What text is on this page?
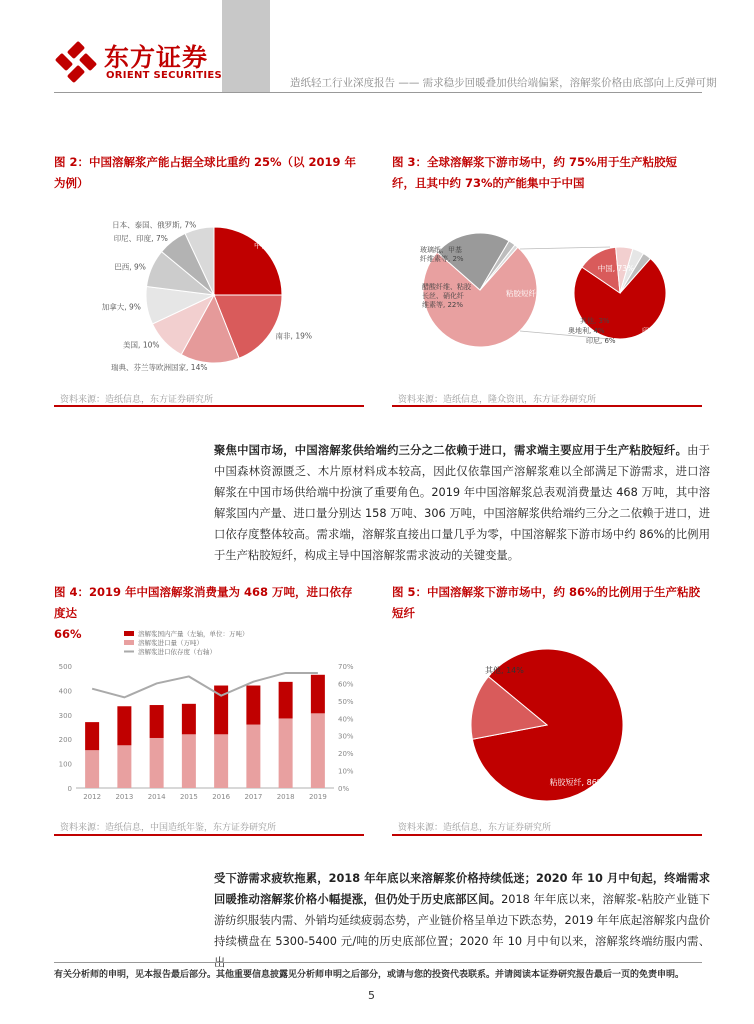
东方证券
ORIENT SECURITIES
造纸轻工行业深度报告 —— 需求稳步回暖叠加供给端偏紧，溶解浆价格由底部向上反弹可期
图 2：中国溶解浆产能占据全球比重约 25%（以 2019 年
为例）
中国, 25%
南非, 19%
瑞典、芬兰等欧洲国家, 14%
美国, 10%
加拿大, 9%
巴西, 9%
印尼、印度, 7%
日本、泰国、俄罗斯, 7%
资料来源：造纸信息，东方证券研究所
图 3：全球溶解浆下游市场中，约 75%用于生产粘胶短
纤，且其中约 73%的产能集中于中国
粘胶短纤, 75%
玻璃纸、甲基
纤维素等, 2%
醋酸纤维、粘胶
长丝、硝化纤
维素等, 22%
中国, 73%
其他, 3%
奥地利, 4%
印尼, 6%
印度, 14%
资料来源：造纸信息，隆众资讯，东方证券研究所
聚焦中国市场，中国溶解浆供给端约三分之二依赖于进口，需求端主要应用于生产粘胶短纤。由于中国森林资源匮乏、木片原材料成本较高，因此仅依靠国产溶解浆难以全部满足下游需求，进口溶解浆在中国市场供给端中扮演了重要角色。2019 年中国溶解浆总表观消费量达 468 万吨，其中溶解浆国内产量、进口量分别达 158 万吨、306 万吨，中国溶解浆供给端约三分之二依赖于进口，进口依存度整体较高。需求端，溶解浆直接出口量几乎为零，中国溶解浆下游市场中约 86%的比例用于生产粘胶短纤，构成主导中国溶解浆需求波动的关键变量。
图 4：2019 年中国溶解浆消费量为 468 万吨，进口依存度达
66%	溶解浆国内产量（左轴，单位：万吨）
溶解浆进口量（万吨）
溶解浆进口依存度（右轴）
0
100
200
300
400
500
0%
10%
20%
30%
40%
50%
60%
70%
2012 2013 2014 2015 2016 2017 2018 2019
资料来源：造纸信息，中国造纸年鉴，东方证券研究所
图 5：中国溶解浆下游市场中，约 86%的比例用于生产粘胶
短纤
粘胶短纤, 86%
其他, 14%
资料来源：造纸信息，东方证券研究所
受下游需求疲软拖累，2018 年年底以来溶解浆价格持续低迷；2020 年 10 月中旬起，终端需求回暖推动溶解浆价格小幅提涨，但仍处于历史底部区间。2018 年年底以来，溶解浆-粘胶产业链下游纺织服装内需、外销均延续疲弱态势，产业链价格呈单边下跌态势，2019 年年底起溶解浆内盘价持续横盘在 5300-5400 元/吨的历史底部位置；2020 年 10 月中旬以来，溶解浆终端纺服内需、出
有关分析师的申明，见本报告最后部分。其他重要信息披露见分析师申明之后部分，或请与您的投资代表联系。并请阅读本证券研究报告最后一页的免责申明。
5
